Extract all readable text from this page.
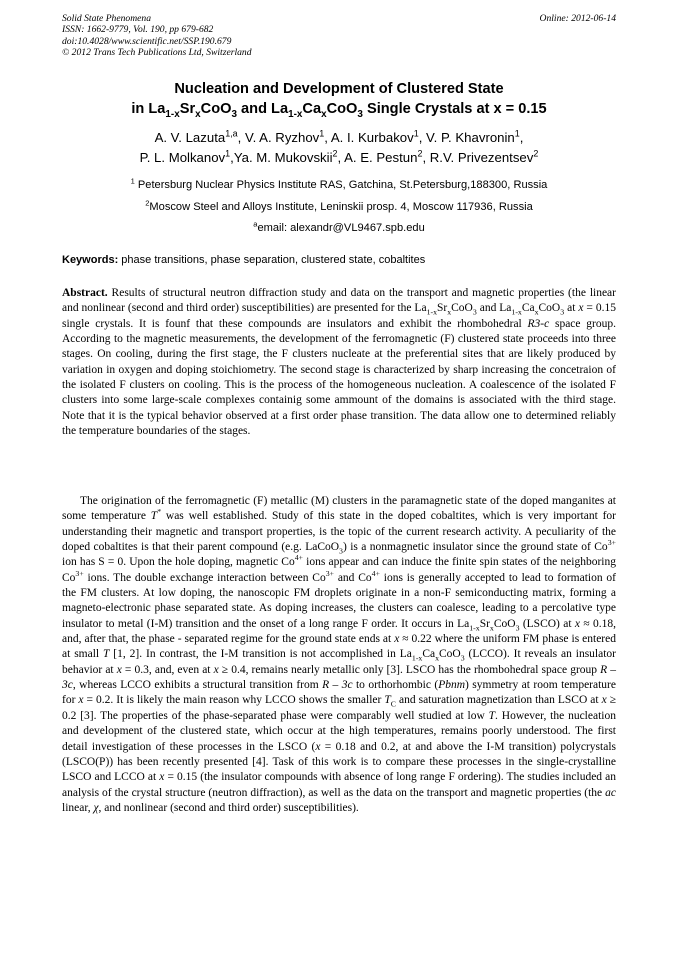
Solid State Phenomena
ISSN: 1662-9779, Vol. 190, pp 679-682
doi:10.4028/www.scientific.net/SSP.190.679
© 2012 Trans Tech Publications Ltd, Switzerland
Online: 2012-06-14
Nucleation and Development of Clustered State
in $La_{1-x}Sr_xCoO_3$ and $La_{1-x}Ca_xCoO_3$ Single Crystals at x = 0.15
A. V. Lazuta$^{1,a}$, V. A. Ryzhov$^1$, A. I. Kurbakov$^1$, V. P. Khavronin$^1$,
P. L. Molkanov$^1$,Ya. M. Mukovskii$^2$, A. E. Pestun$^2$, R.V. Privezentsev$^2$
$^1$ Petersburg Nuclear Physics Institute RAS, Gatchina, St.Petersburg,188300, Russia
$^2$Moscow Steel and Alloys Institute, Leninskii prosp. 4, Moscow 117936, Russia
$^a$email: alexandr@VL9467.spb.edu
Keywords: phase transitions, phase separation, clustered state, cobaltites
Abstract. Results of structural neutron diffraction study and data on the transport and magnetic properties (the linear and nonlinear (second and third order) susceptibilities) are presented for the $La_{1-x}Sr_xCoO_3$ and $La_{1-x}Ca_xCoO_3$ at x = 0.15 single crystals. It is founf that these compounds are insulators and exhibit the rhombohedral R3-c space group. According to the magnetic measurements, the development of the ferromagnetic (F) clustered state proceeds into three stages. On cooling, during the first stage, the F clusters nucleate at the preferential sites that are likely produced by variation in oxygen and doping stoichiometry. The second stage is characterized by sharp increasing the concetraion of the isolated F clusters on cooling. This is the process of the homogeneous nucleation. A coalescence of the isolated F clusters into some large-scale complexes containig some ammount of the domains is associated with the third stage. Note that it is the typical behavior observed at a first order phase transition. The data allow one to determined reliably the temperature boundaries of the stages.
The origination of the ferromagnetic (F) metallic (M) clusters in the paramagnetic state of the doped manganites at some temperature T* was well established. Study of this state in the doped cobaltites, which is very important for understanding their magnetic and transport properties, is the topic of the current research activity. A peculiarity of the doped cobaltites is that their parent compound (e.g. LaCoO$_3$) is a nonmagnetic insulator since the ground state of $Co^{3+}$ ion has S = 0. Upon the hole doping, magnetic $Co^{4+}$ ions appear and can induce the finite spin states of the neighboring $Co^{3+}$ ions. The double exchange interaction between $Co^{3+}$ and $Co^{4+}$ ions is generally accepted to lead to formation of the FM clusters. At low doping, the nanoscopic FM droplets originate in a non-F semiconducting matrix, forming a magneto-electronic phase separated state. As doping increases, the clusters can coalesce, leading to a percolative type insulator to metal (I-M) transition and the onset of a long range F order. It occurs in $La_{1-x}Sr_xCoO_3$ (LSCO) at x ≈ 0.18, and, after that, the phase - separated regime for the ground state ends at x ≈ 0.22 where the uniform FM phase is entered at small T [1, 2]. In contrast, the I-M transition is not accomplished in $La_{1-x}Ca_xCoO_3$ (LCCO). It reveals an insulator behavior at x = 0.3, and, even at x ≥ 0.4, remains nearly metallic only [3]. LSCO has the rhombohedral space group R – 3c, whereas LCCO exhibits a structural transition from R – 3c to orthorhombic (Pbnm) symmetry at room temperature for x = 0.2. It is likely the main reason why LCCO shows the smaller $T_C$ and saturation magnetization than LSCO at x ≥ 0.2 [3]. The properties of the phase-separated phase were comparably well studied at low T. However, the nucleation and development of the clustered state, which occur at the high temperatures, remains poorly understood. The first detail investigation of these processes in the LSCO (x = 0.18 and 0.2, at and above the I-M transition) polycrystals (LSCO(P)) has been recently presented [4]. Task of this work is to compare these processes in the single-crystalline LSCO and LCCO at x = 0.15 (the insulator compounds with absence of long range F ordering). The studies included an analysis of the crystal structure (neutron diffraction), as well as the data on the transport and magnetic properties (the ac linear, χ, and nonlinear (second and third order) susceptibilities).
